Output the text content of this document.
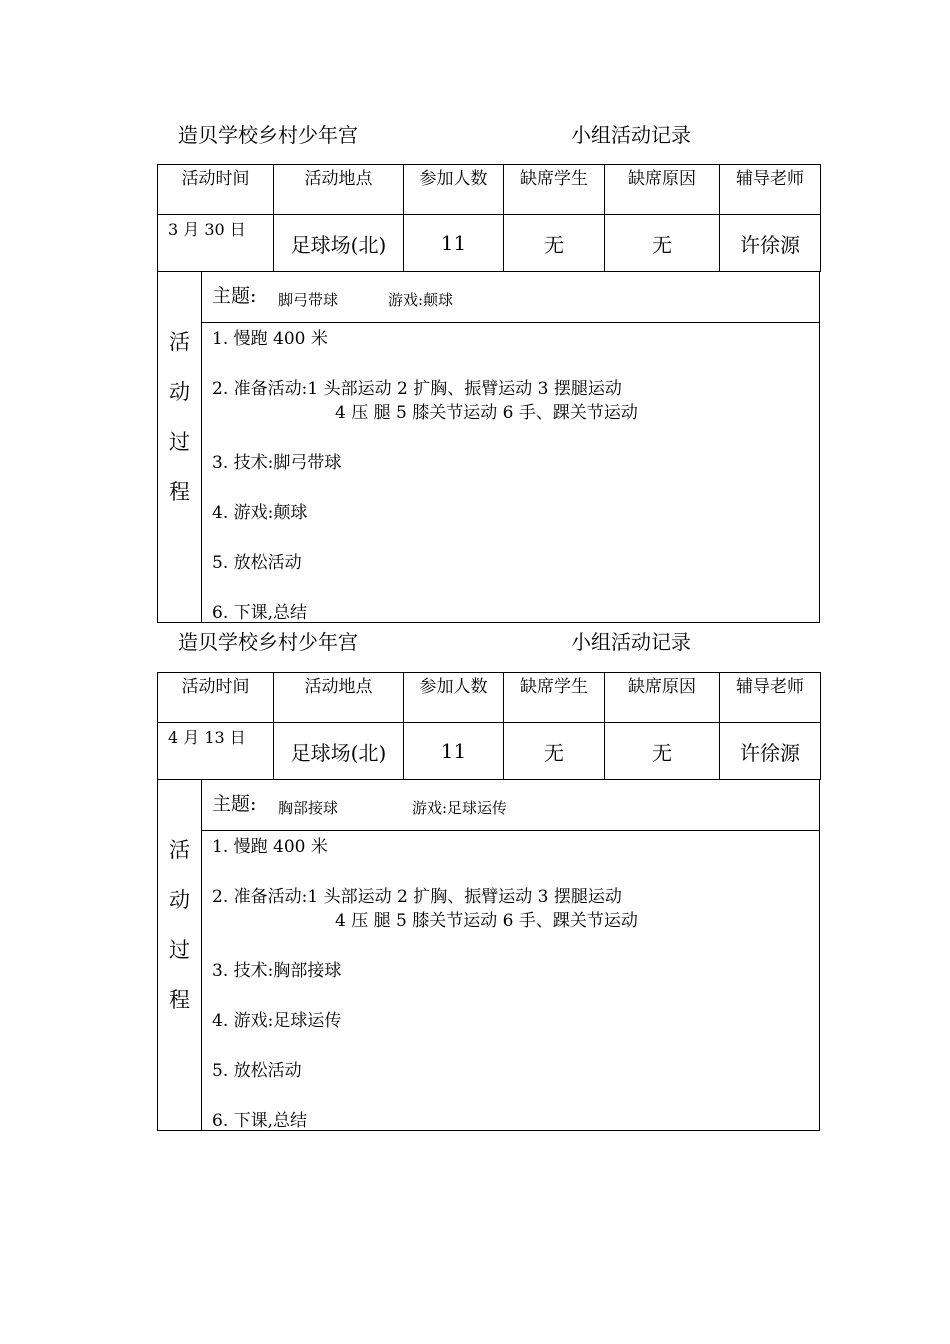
造贝学校乡村少年宫	小组活动记录
活动时间	活动地点	参加人数	缺席学生	缺席原因	辅导老师
3 月 30 日	足球场(北)	11	无	无	许徐源
活
动
过
程
主题: 脚弓带球	游戏:颠球
1. 慢跑 400 米
2. 准备活动:1 头部运动 2 扩胸、振臂运动 3 摆腿运动
4 压 腿 5 膝关节运动 6 手、踝关节运动
3. 技术:脚弓带球
4. 游戏:颠球
5. 放松活动
6. 下课,总结
造贝学校乡村少年宫	小组活动记录
活动时间	活动地点	参加人数	缺席学生	缺席原因	辅导老师
4 月 13 日	足球场(北)	11	无	无	许徐源
活
动
过
程
主题: 胸部接球	游戏:足球运传
1. 慢跑 400 米
2. 准备活动:1 头部运动 2 扩胸、振臂运动 3 摆腿运动
4 压 腿 5 膝关节运动 6 手、踝关节运动
3. 技术:胸部接球
4. 游戏:足球运传
5. 放松活动
6. 下课,总结
